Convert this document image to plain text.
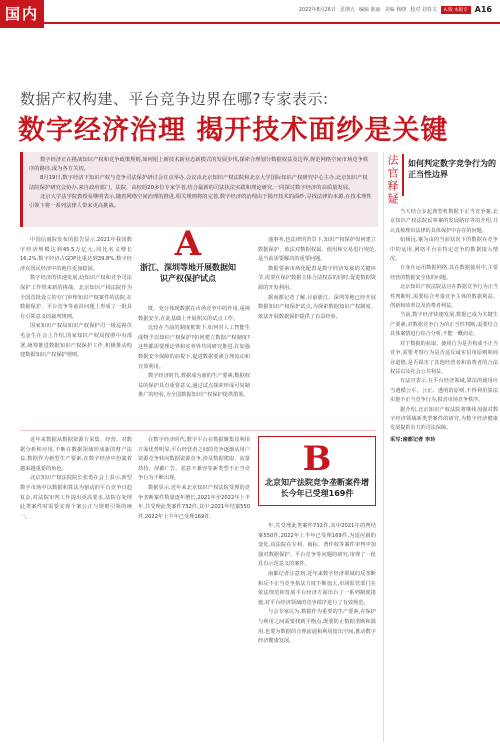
国内	2022年8月26日 星期五 编辑 陈丽 美编 杨晓 校对 刘春文	A.版 本版专 A16
数据产权构建、平台竞争边界在哪?专家表示:
数字经济治理 揭开技术面纱是关键

数字经济正在挑战知识产权和竞争政策规则,如何厘上新技术新业态新模式的发展步伐,探索合理划分数据权益及边界,规范网络空间市场竞争秩序的路径,成为各方关切。

8月19日,数字经济下知识产权与竞争司法保护研讨会在京举办,会议由北京知识产权法院和北京大学国际知识产权研究中心主办,北京知识产权法院保护研究会协办,来自政府部门、法院、高校的20多位专家学者,结合最新的司法执法实践和理论研究,一同探讨数字经济的高质量发展。

北京大学法学院教授易继明表示,随着网络空间治理的推进,相关规则将的完善,数字经济的治理由于揭开技术的面纱,寻找法律的本源,在技术理性引领下将一系列法律人带来更高挑战。

法官释疑 如何判定数字竞争行为的正当性边界

当天结合多起典型机数据不正当竞争案,北京知识产权法院民事案的发展路径等的介绍,并认真梳理出法律的具体保护中存在的问题。

如杨远,案为由的当前状况下的数据在竞争中的运用,网络平台在特定竞争的数据接入情况。

自身在运用数据网络,其在数据使用中,主要经营的数据安全体的问题。

北京知识产权法院法官在数据竞争行为正当性判断时,需要综合考量竞争主体的数据利益、创新和效率以及消费者利益。

当前,数字经济快速发展,数据已成为关键生产要素,对数据竞争行为的正当性判断,需要结合具体案情进行综合分析,不能一概而论。

对于数据的获取、使用行为是否构成不正当竞争,需要考察行为是否违反诚实信用原则和商业道德,是否损害了其他经营者和消费者的合法权益以及社会公共利益。

有法官表示,在平台经济领域,算法的使用应当遵循公平、公正、透明的原则,不得利用算法实施不正当竞争行为,损害市场竞争秩序。

据介绍,北京知识产权法院将继续加强对数字经济领域新类型案件的研究,为数字经济健康发展提供有力的司法保障。

采写:南都记者 李玲

中国信通院发布的报告显示,2021年我国数字经济规模达到45.5万亿元,同比名义增长16.2%,数字经济占GDP比重达到39.8%,数字经济在国民经济中的地位更加稳固。

数字经济的快速发展,给知识产权和竞争司法保护工作带来新的挑战。北京知识产权法院作为全国首批设立的专门审理知识产权案件的法院,在数据保护、平台竞争等前沿问题上形成了一批具有引领意义的裁判规则。

国家知识产权局知识产权保护司一级巡视员毛金生在会上介绍,国家知识产权局按照中央部署,统筹推进数据知识产权保护工作,积极推动构建数据知识产权保护规则。

A
浙江、深圳等地开展数据知识产权保护试点

既、充分体现数据在市场竞争中的作用,重视数据安全,在此基础上开展相关的试点工作。

比较在当前的制度框架下,如何对人工智能生成物予以知识产权保护?如何建立数据产权制度?这些都需要理论界和实务界共同研究推进,在加强数据安全保障的前提下,促进数据要素合理流动和有效利用。

数字经济时代,数据成为新的生产要素,数据权益的保护具有重要意义,通过试点探索形成可复制推广的经验,为全国数据知识产权保护提供借鉴。

通事务,也法律的背景下,知识产权保护如何建立数据保护、依法对数据权属、使用和交易进行规范,是当前需要解决的重要问题。

数据要素市场化配置是数字经济发展的关键环节,需要在保护数据主体合法权益的同时,促进数据资源的开发利用。

据南都记者了解,目前浙江、深圳等地已经开展数据知识产权保护试点,为探索数据知识产权制度、依法开展数据保护提供了有益经验。

近年来数据从数据资源方采集、经营、对数据分析和应用,不断在数据领域形成新的财产法益,数据作为新型生产要素,在数字经济中扮演着越来越重要的角色。

北京知识产权法院院长张勇在会上表示,新型数字市场中以数据和算法为驱动的平台竞争日趋复杂,对法院审判工作提出更高要求,法院在处理此类案件时需要实现个案公正与规则引领的统一。

在数字经济时代,数字平台在数据聚集及利用方面优势明显,平台经营者之间的竞争逐渐从用户资源竞争转向数据资源竞争,涉及数据爬取、流量劫持、屏蔽广告、恶意不兼容等新类型不正当竞争行为不断出现。

数据显示,近年来北京知识产权法院受理的竞争垄断案件数量逐年增长,2021年至2022年上半年,共受理此类案件732件,其中,2021年结案550件,2022年上半年已受理169件。

B
北京知产法院竞争垄断案件增长今年已受理169件

年,共受理此类案件732件,其中2021年的判结案550件,2022年上半年已受理169件,为适应新的变化,该法院在专利、商标、著作权等案件审判中加强对数据保护、平台竞争等问题的研究,审理了一批具有示范意义的案件。

南都记者注意到,近年来数字经济领域的反垄断和反不正当竞争执法力度不断加大,市场监管部门在依法规范和发展平台经济方面出台了一系列制度措施,对平台经济领域的竞争秩序进行了有效规范。

与会专家认为,数据作为重要的生产要素,在保护与利用之间需要找到平衡点,既要防止数据垄断和滥用,也要为数据的合理流通和利用留出空间,推动数字经济健康发展。
